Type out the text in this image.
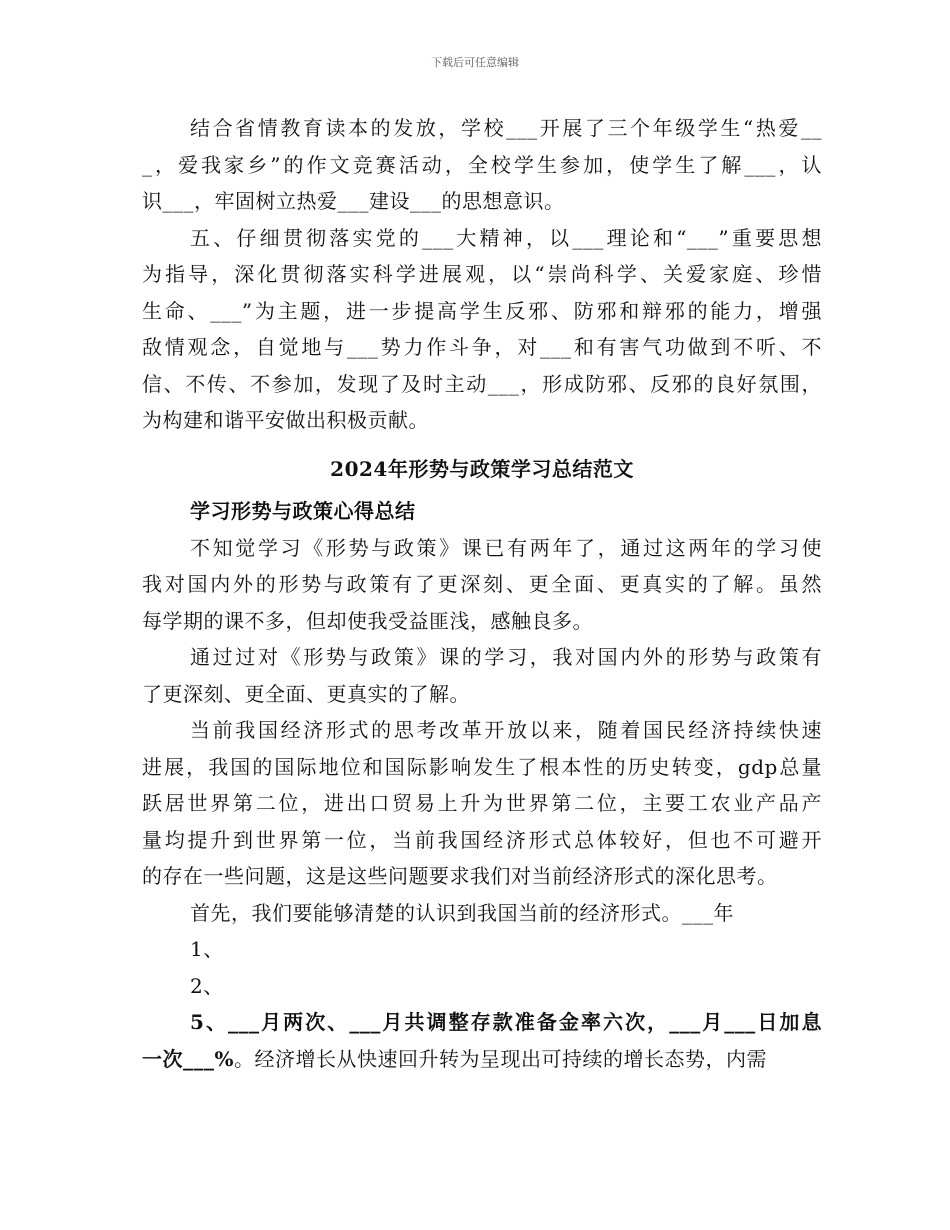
下载后可任意编辑
结合省情教育读本的发放，学校___开展了三个年级学生“热爱__
_，爱我家乡”的作文竞赛活动，全校学生参加，使学生了解___，认
识___，牢固树立热爱___建设___的思想意识。
五、仔细贯彻落实党的___大精神，以___理论和“___”重要思想
为指导，深化贯彻落实科学进展观，以“崇尚科学、关爱家庭、珍惜
生命、___”为主题，进一步提高学生反邪、防邪和辩邪的能力，增强
敌情观念，自觉地与___势力作斗争，对___和有害气功做到不听、不
信、不传、不参加，发现了及时主动___，形成防邪、反邪的良好氛围，
为构建和谐平安做出积极贡献。
2024年形势与政策学习总结范文
学习形势与政策心得总结
不知觉学习《形势与政策》课已有两年了，通过这两年的学习使
我对国内外的形势与政策有了更深刻、更全面、更真实的了解。虽然
每学期的课不多，但却使我受益匪浅，感触良多。
通过过对《形势与政策》课的学习，我对国内外的形势与政策有
了更深刻、更全面、更真实的了解。
当前我国经济形式的思考改革开放以来，随着国民经济持续快速
进展，我国的国际地位和国际影响发生了根本性的历史转变，gdp总量
跃居世界第二位，进出口贸易上升为世界第二位，主要工农业产品产
量均提升到世界第一位，当前我国经济形式总体较好，但也不可避开
的存在一些问题，这是这些问题要求我们对当前经济形式的深化思考。
首先，我们要能够清楚的认识到我国当前的经济形式。___年
1、
2、
5、___月两次、___月共调整存款准备金率六次，___月___日加息
一次___%。经济增长从快速回升转为呈现出可持续的增长态势，内需
